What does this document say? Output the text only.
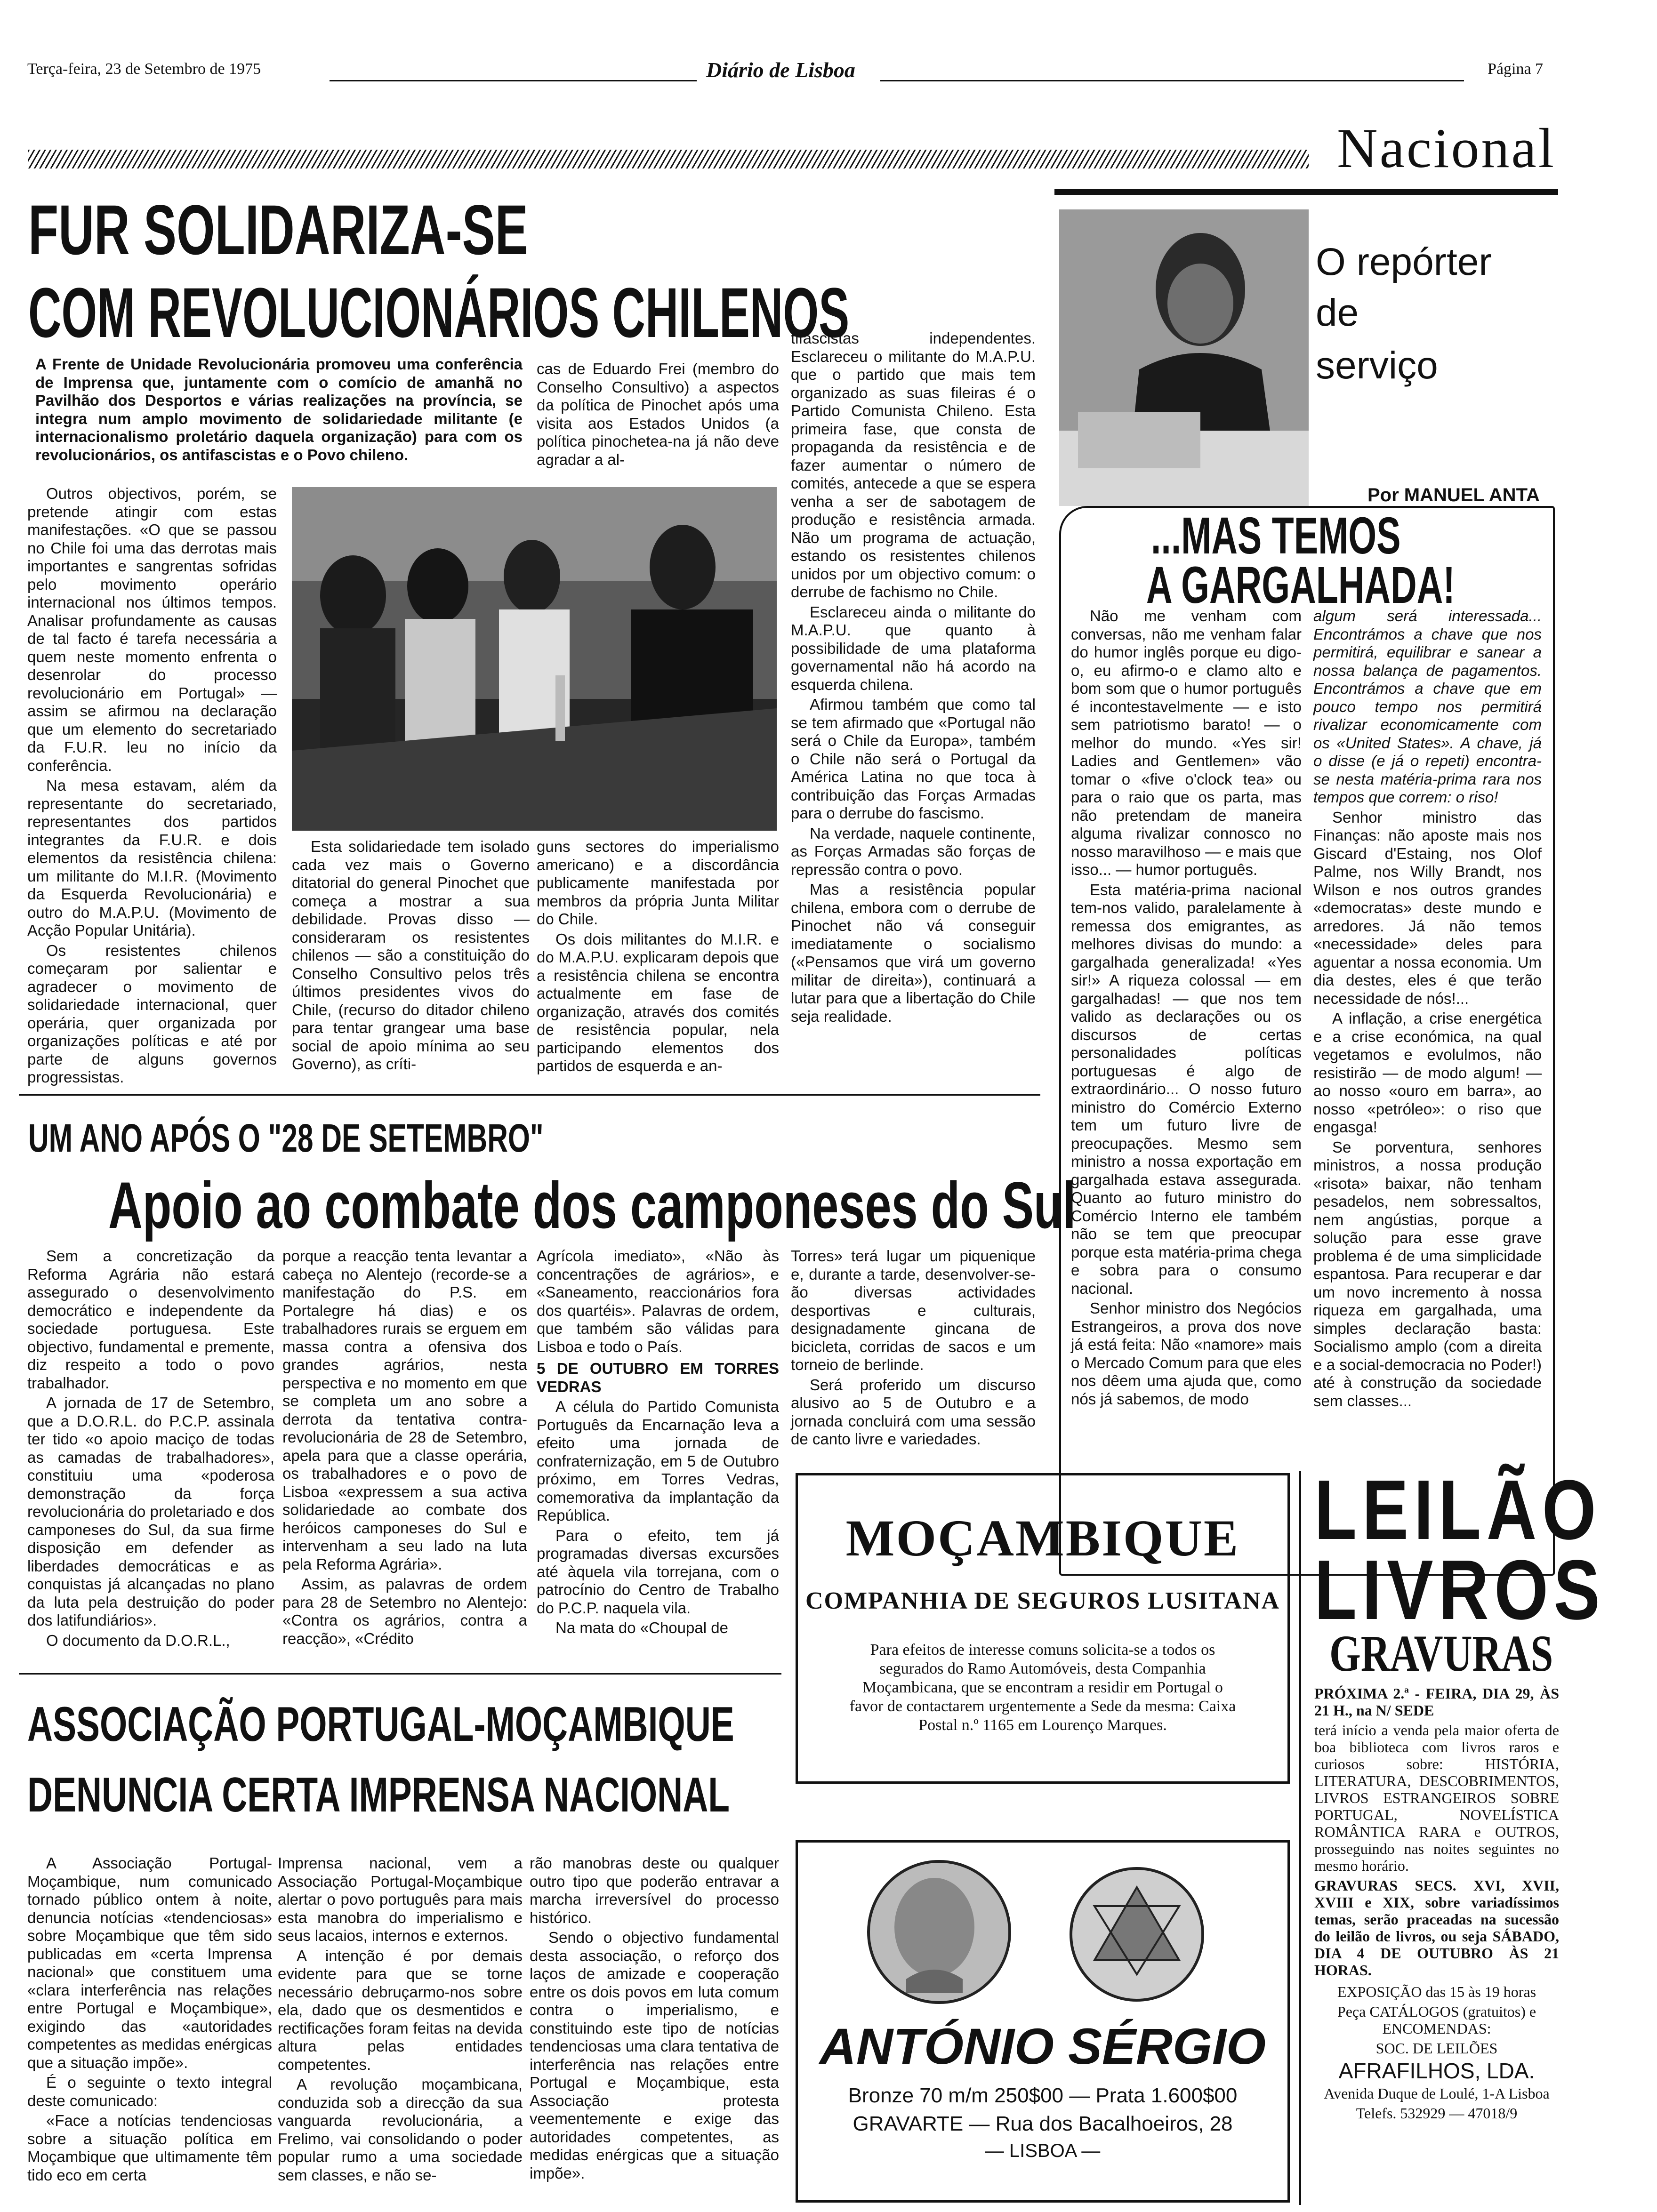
Terça-feira, 23 de Setembro de 1975	Diário de Lisboa	Página 7
Nacional
FUR SOLIDARIZA-SE
COM REVOLUCIONÁRIOS CHILENOS

A Frente de Unidade Revolucionária promoveu uma conferência de Imprensa que, juntamente com o comício de amanhã no Pavilhão dos Desportos e várias realizações na província, se integra num amplo movimento de solidariedade militante (e internacionalismo proletário daquela organização) para com os revolucionários, os antifascistas e o Povo chileno.

Outros objectivos, porém, se pretende atingir com estas manifestações. «O que se passou no Chile foi uma das derrotas mais importantes e sangrentas sofridas pelo movimento operário internacional nos últimos tempos. Analisar profundamente as causas de tal facto é tarefa necessária a quem neste momento enfrenta o desenrolar do processo revolucionário em Portugal» — assim se afirmou na declaração que um elemento do secretariado da F.U.R. leu no início da conferência.

Na mesa estavam, além da representante do secretariado, representantes dos partidos integrantes da F.U.R. e dois elementos da resistência chilena: um militante do M.I.R. (Movimento da Esquerda Revolucionária) e outro do M.A.P.U. (Movimento de Acção Popular Unitária).

Os resistentes chilenos começaram por salientar e agradecer o movimento de solidariedade internacional, quer operária, quer organizada por organizações políticas e até por parte de alguns governos progressistas.

Esta solidariedade tem isolado cada vez mais o Governo ditatorial do general Pinochet que começa a mostrar a sua debilidade. Provas disso — consideraram os resistentes chilenos — são a constituição do Conselho Consultivo pelos três últimos presidentes vivos do Chile, (recurso do ditador chileno para tentar grangear uma base social de apoio mínima ao seu Governo), as críti-

cas de Eduardo Frei (membro do Conselho Consultivo) a aspectos da política de Pinochet após uma visita aos Estados Unidos (a política pinochetea-na já não deve agradar a al-

guns sectores do imperialismo americano) e a discordância publicamente manifestada por membros da própria Junta Militar do Chile.

Os dois militantes do M.I.R. e do M.A.P.U. explicaram depois que a resistência chilena se encontra actualmente em fase de organização, através dos comités de resistência popular, nela participando elementos dos partidos de esquerda e an-

tifascistas independentes. Esclareceu o militante do M.A.P.U. que o partido que mais tem organizado as suas fileiras é o Partido Comunista Chileno. Esta primeira fase, que consta de propaganda da resistência e de fazer aumentar o número de comités, antecede a que se espera venha a ser de sabotagem de produção e resistência armada. Não um programa de actuação, estando os resistentes chilenos unidos por um objectivo comum: o derrube de fachismo no Chile.

Esclareceu ainda o militante do M.A.P.U. que quanto à possibilidade de uma plataforma governamental não há acordo na esquerda chilena.

Afirmou também que como tal se tem afirmado que «Portugal não será o Chile da Europa», também o Chile não será o Portugal da América Latina no que toca à contribuição das Forças Armadas para o derrube do fascismo.

Na verdade, naquele continente, as Forças Armadas são forças de repressão contra o povo.

Mas a resistência popular chilena, embora com o derrube de Pinochet não vá conseguir imediatamente o socialismo («Pensamos que virá um governo militar de direita»), continuará a lutar para que a libertação do Chile seja realidade.

O repórter
de
serviço
Por MANUEL ANTA
...MAS TEMOS
A GARGALHADA!

Não me venham com conversas, não me venham falar do humor inglês porque eu digo-o, eu afirmo-o e clamo alto e bom som que o humor português é incontestavelmente — e isto sem patriotismo barato! — o melhor do mundo. «Yes sir! Ladies and Gentlemen» vão tomar o «five o'clock tea» ou para o raio que os parta, mas não pretendam de maneira alguma rivalizar connosco no nosso maravilhoso — e mais que isso... — humor português.

Esta matéria-prima nacional tem-nos valido, paralelamente à remessa dos emigrantes, as melhores divisas do mundo: a gargalhada generalizada! «Yes sir!» A riqueza colossal — em gargalhadas! — que nos tem valido as declarações ou os discursos de certas personalidades políticas portuguesas é algo de extraordinário... O nosso futuro ministro do Comércio Externo tem um futuro livre de preocupações. Mesmo sem ministro a nossa exportação em gargalhada estava assegurada. Quanto ao futuro ministro do Comércio Interno ele também não se tem que preocupar porque esta matéria-prima chega e sobra para o consumo nacional.

Senhor ministro dos Negócios Estrangeiros, a prova dos nove já está feita: Não «namore» mais o Mercado Comum para que eles nos dêem uma ajuda que, como nós já sabemos, de modo

algum será interessada... Encontrámos a chave que nos permitirá, equilibrar e sanear a nossa balança de pagamentos. Encontrámos a chave que em pouco tempo nos permitirá rivalizar economicamente com os «United States». A chave, já o disse (e já o repeti) encontra-se nesta matéria-prima rara nos tempos que correm: o riso!

Senhor ministro das Finanças: não aposte mais nos Giscard d'Estaing, nos Olof Palme, nos Willy Brandt, nos Wilson e nos outros grandes «democratas» deste mundo e arredores. Já não temos «necessidade» deles para aguentar a nossa economia. Um dia destes, eles é que terão necessidade de nós!...

A inflação, a crise energética e a crise económica, na qual vegetamos e evolulmos, não resistirão — de modo algum! — ao nosso «ouro em barra», ao nosso «petróleo»: o riso que engasga!

Se porventura, senhores ministros, a nossa produção «risota» baixar, não tenham pesadelos, nem sobressaltos, nem angústias, porque a solução para esse grave problema é de uma simplicidade espantosa. Para recuperar e dar um novo incremento à nossa riqueza em gargalhada, uma simples declaração basta: Socialismo amplo (com a direita e a social-democracia no Poder!) até à construção da sociedade sem classes...

UM ANO APÓS O "28 DE SETEMBRO"
Apoio ao combate dos camponeses do Sul

Sem a concretização da Reforma Agrária não estará assegurado o desenvolvimento democrático e independente da sociedade portuguesa. Este objectivo, fundamental e premente, diz respeito a todo o povo trabalhador.

A jornada de 17 de Setembro, que a D.O.R.L. do P.C.P. assinala ter tido «o apoio maciço de todas as camadas de trabalhadores», constituiu uma «poderosa demonstração da força revolucionária do proletariado e dos camponeses do Sul, da sua firme disposição em defender as liberdades democráticas e as conquistas já alcançadas no plano da luta pela destruição do poder dos latifundiários».

O documento da D.O.R.L.,

porque a reacção tenta levantar a cabeça no Alentejo (recorde-se a manifestação do P.S. em Portalegre há dias) e os trabalhadores rurais se erguem em massa contra a ofensiva dos grandes agrários, nesta perspectiva e no momento em que se completa um ano sobre a derrota da tentativa contra-revolucionária de 28 de Setembro, apela para que a classe operária, os trabalhadores e o povo de Lisboa «expressem a sua activa solidariedade ao combate dos heróicos camponeses do Sul e intervenham a seu lado na luta pela Reforma Agrária».

Assim, as palavras de ordem para 28 de Setembro no Alentejo: «Contra os agrários, contra a reacção», «Crédito

Agrícola imediato», «Não às concentrações de agrários», e «Saneamento, reaccionários fora dos quartéis». Palavras de ordem, que também são válidas para Lisboa e todo o País.

5 DE OUTUBRO EM TORRES VEDRAS

A célula do Partido Comunista Português da Encarnação leva a efeito uma jornada de confraternização, em 5 de Outubro próximo, em Torres Vedras, comemorativa da implantação da República.

Para o efeito, tem já programadas diversas excursões até àquela vila torrejana, com o patrocínio do Centro de Trabalho do P.C.P. naquela vila.

Na mata do «Choupal de

Torres» terá lugar um piquenique e, durante a tarde, desenvolver-se-ão diversas actividades desportivas e culturais, designadamente gincana de bicicleta, corridas de sacos e um torneio de berlinde.

Será proferido um discurso alusivo ao 5 de Outubro e a jornada concluirá com uma sessão de canto livre e variedades.

ASSOCIAÇÃO PORTUGAL-MOÇAMBIQUE
DENUNCIA CERTA IMPRENSA NACIONAL

A Associação Portugal-Moçambique, num comunicado tornado público ontem à noite, denuncia notícias «tendenciosas» sobre Moçambique que têm sido publicadas em «certa Imprensa nacional» que constituem uma «clara interferência nas relações entre Portugal e Moçambique», exigindo das «autoridades competentes as medidas enérgicas que a situação impõe».

É o seguinte o texto integral deste comunicado:

«Face a notícias tendenciosas sobre a situação política em Moçambique que ultimamente têm tido eco em certa

Imprensa nacional, vem a Associação Portugal-Moçambique alertar o povo português para mais esta manobra do imperialismo e seus lacaios, internos e externos.

A intenção é por demais evidente para que se torne necessário debruçarmo-nos sobre ela, dado que os desmentidos e rectificações foram feitas na devida altura pelas entidades competentes.

A revolução moçambicana, conduzida sob a direcção da sua vanguarda revolucionária, a Frelimo, vai consolidando o poder popular rumo a uma sociedade sem classes, e não se-

rão manobras deste ou qualquer outro tipo que poderão entravar a marcha irreversível do processo histórico.

Sendo o objectivo fundamental desta associação, o reforço dos laços de amizade e cooperação entre os dois povos em luta comum contra o imperialismo, e constituindo este tipo de notícias tendenciosas uma clara tentativa de interferência nas relações entre Portugal e Moçambique, esta Associação protesta veementemente e exige das autoridades competentes, as medidas enérgicas que a situação impõe».

MOÇAMBIQUE
COMPANHIA DE SEGUROS LUSITANA
Para efeitos de interesse comuns solicita-se a todos os segurados do Ramo Automóveis, desta Companhia Moçambicana, que se encontram a residir em Portugal o favor de contactarem urgentemente a Sede da mesma: Caixa Postal n.º 1165 em Lourenço Marques.
ANTÓNIO SÉRGIO
Bronze 70 m/m 250$00 — Prata 1.600$00
GRAVARTE — Rua dos Bacalhoeiros, 28
— LISBOA —
LEILÃO
LIVROS
GRAVURAS
PRÓXIMA 2.ª - FEIRA, DIA 29, ÀS 21 H., na N/ SEDE
terá início a venda pela maior oferta de boa biblioteca com livros raros e curiosos sobre: HISTÓRIA, LITERATURA, DESCOBRIMENTOS, LIVROS ESTRANGEIROS SOBRE PORTUGAL, NOVELÍSTICA ROMÂNTICA RARA e OUTROS, prosseguindo nas noites seguintes no mesmo horário.
GRAVURAS SECS. XVI, XVII, XVIII e XIX, sobre variadíssimos temas, serão praceadas na sucessão do leilão de livros, ou seja SÁBADO, DIA 4 DE OUTUBRO ÀS 21 HORAS.
EXPOSIÇÃO das 15 às 19 horas
Peça CATÁLOGOS (gratuitos) e ENCOMENDAS:
SOC. DE LEILÕES
AFRAFILHOS, LDA.
Avenida Duque de Loulé, 1-A Lisboa
Telefs. 532929 — 47018/9
